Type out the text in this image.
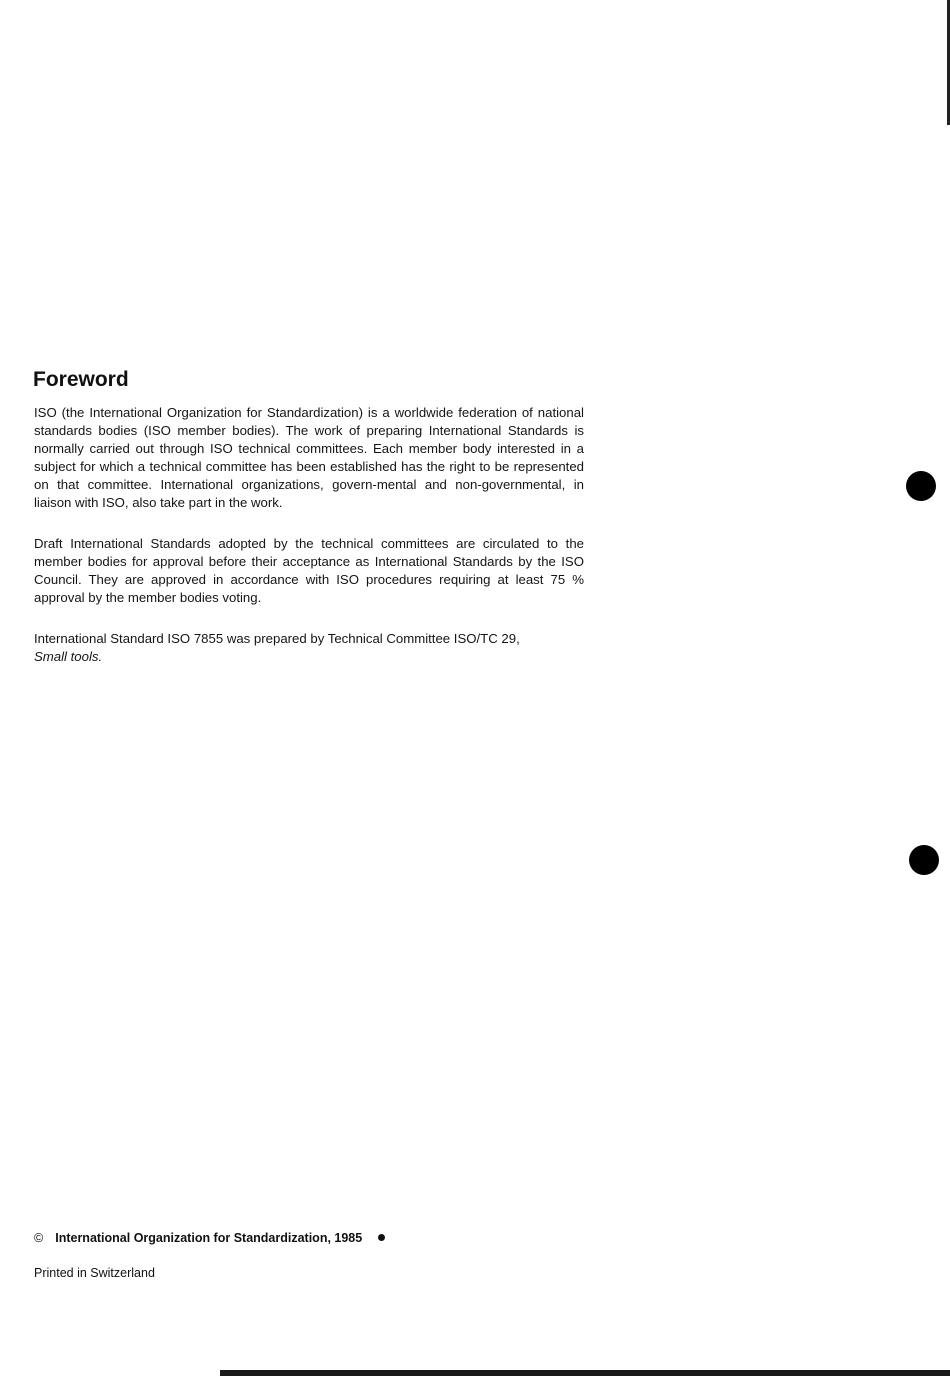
Foreword

ISO (the International Organization for Standardization) is a worldwide federation of national standards bodies (ISO member bodies). The work of preparing International Standards is normally carried out through ISO technical committees. Each member body interested in a subject for which a technical committee has been established has the right to be represented on that committee. International organizations, govern-mental and non-governmental, in liaison with ISO, also take part in the work.

Draft International Standards adopted by the technical committees are circulated to the member bodies for approval before their acceptance as International Standards by the ISO Council. They are approved in accordance with ISO procedures requiring at least 75 % approval by the member bodies voting.

International Standard ISO 7855 was prepared by Technical Committee ISO/TC 29,
Small tools.

© International Organization for Standardization, 1985
Printed in Switzerland
